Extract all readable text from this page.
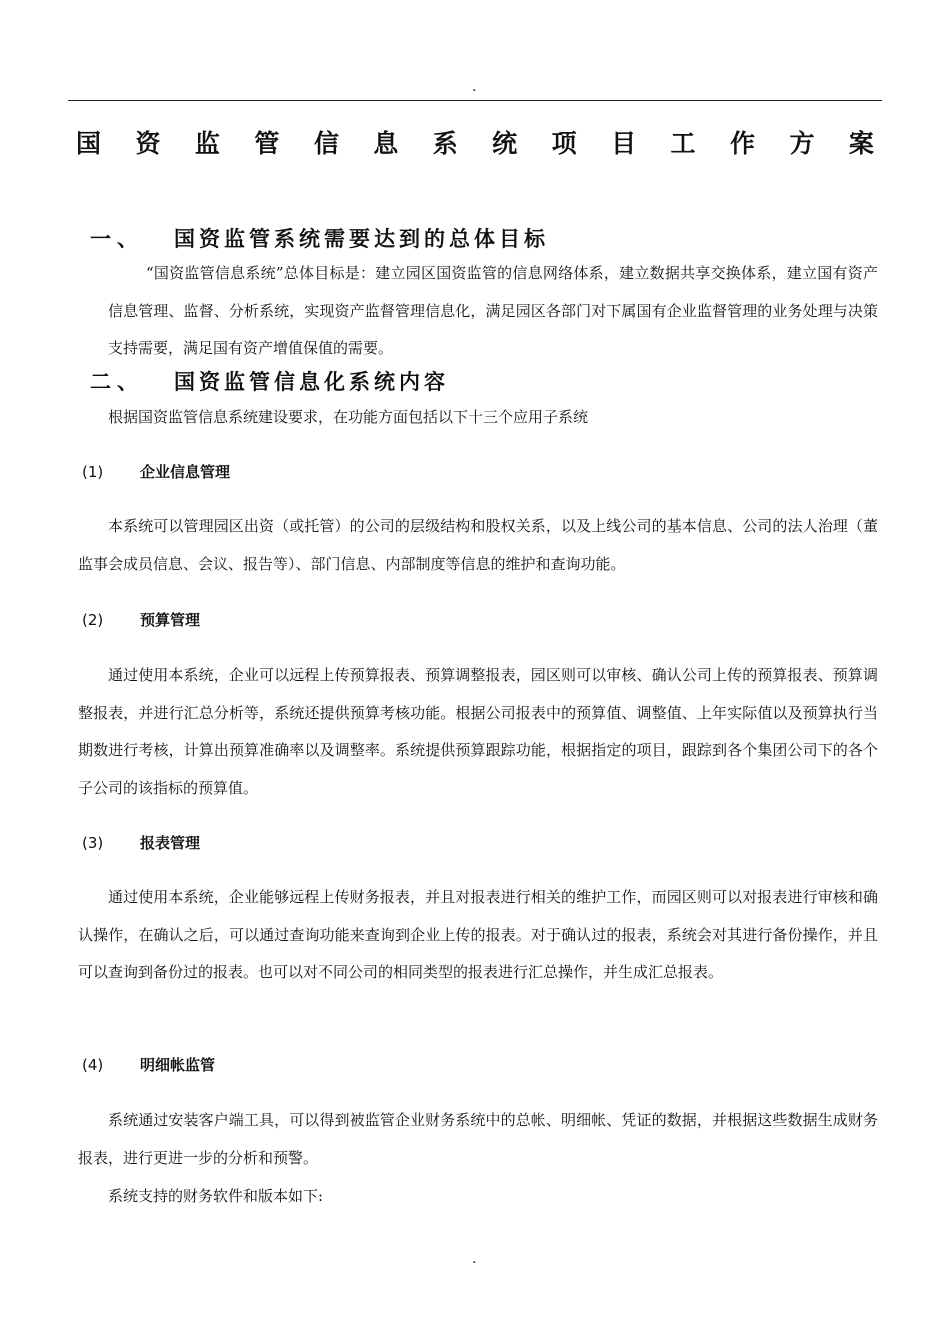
.
国 资 监 管 信 息 系 统 项 目 工 作 方 案
一、 国资监管系统需要达到的总体目标
“国资监管信息系统”总体目标是：建立园区国资监管的信息网络体系，建立数据共享交换体系，建立国有资产信息管理、监督、分析系统，实现资产监督管理信息化，满足园区各部门对下属国有企业监督管理的业务处理与决策支持需要，满足国有资产增值保值的需要。
二、 国资监管信息化系统内容
根据国资监管信息系统建设要求，在功能方面包括以下十三个应用子系统
(1) 企业信息管理
本系统可以管理园区出资（或托管）的公司的层级结构和股权关系，以及上线公司的基本信息、公司的法人治理（董监事会成员信息、会议、报告等）、部门信息、内部制度等信息的维护和查询功能。
(2) 预算管理
通过使用本系统，企业可以远程上传预算报表、预算调整报表，园区则可以审核、确认公司上传的预算报表、预算调整报表，并进行汇总分析等，系统还提供预算考核功能。根据公司报表中的预算值、调整值、上年实际值以及预算执行当期数进行考核，计算出预算准确率以及调整率。系统提供预算跟踪功能，根据指定的项目，跟踪到各个集团公司下的各个子公司的该指标的预算值。
(3) 报表管理
通过使用本系统，企业能够远程上传财务报表，并且对报表进行相关的维护工作，而园区则可以对报表进行审核和确认操作，在确认之后，可以通过查询功能来查询到企业上传的报表。对于确认过的报表，系统会对其进行备份操作，并且可以查询到备份过的报表。也可以对不同公司的相同类型的报表进行汇总操作，并生成汇总报表。
(4) 明细帐监管
系统通过安装客户端工具，可以得到被监管企业财务系统中的总帐、明细帐、凭证的数据，并根据这些数据生成财务报表，进行更进一步的分析和预警。
系统支持的财务软件和版本如下:
.
